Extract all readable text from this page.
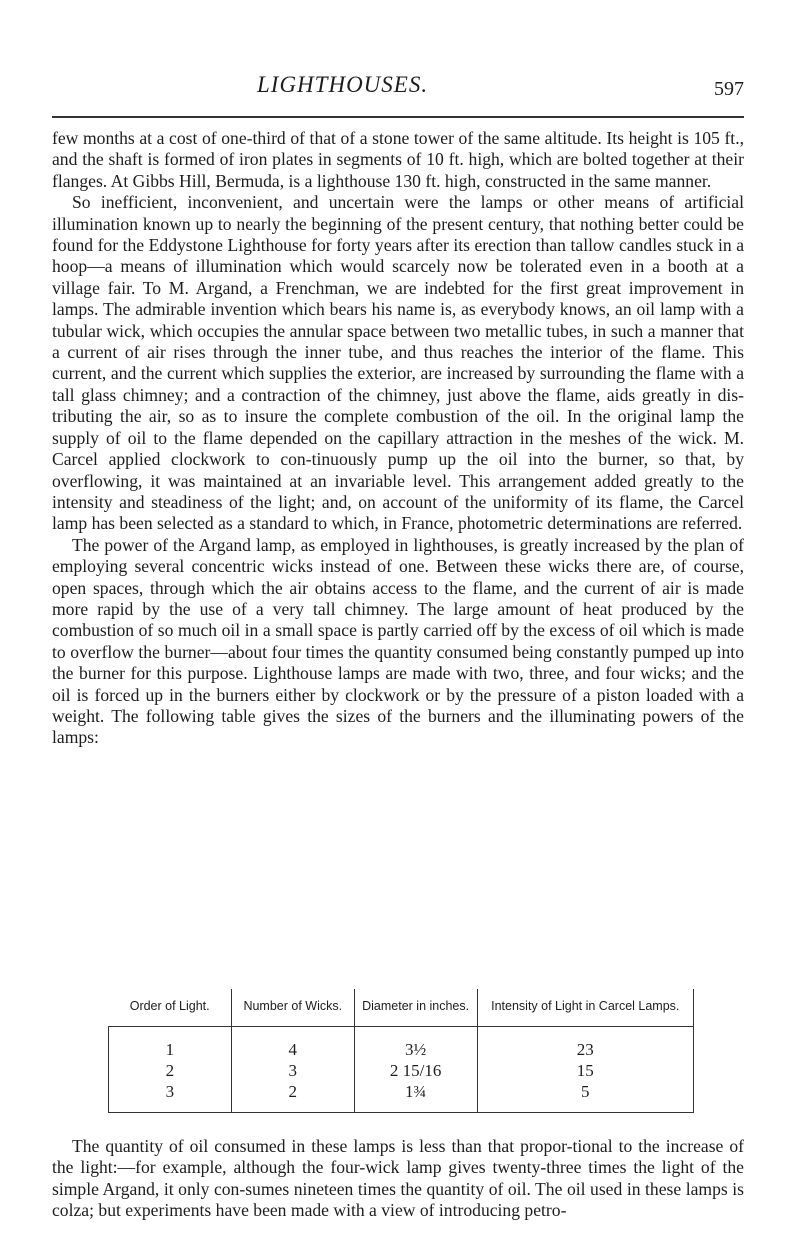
LIGHTHOUSES.	597

few months at a cost of one-third of that of a stone tower of the same altitude. Its height is 105 ft., and the shaft is formed of iron plates in segments of 10 ft. high, which are bolted together at their flanges. At Gibbs Hill, Bermuda, is a lighthouse 130 ft. high, constructed in the same manner.

So inefficient, inconvenient, and uncertain were the lamps or other means of artificial illumination known up to nearly the beginning of the present century, that nothing better could be found for the Eddystone Lighthouse for forty years after its erection than tallow candles stuck in a hoop—a means of illumination which would scarcely now be tolerated even in a booth at a village fair. To M. Argand, a Frenchman, we are indebted for the first great improvement in lamps. The admirable invention which bears his name is, as everybody knows, an oil lamp with a tubular wick, which occupies the annular space between two metallic tubes, in such a manner that a current of air rises through the inner tube, and thus reaches the interior of the flame. This current, and the current which supplies the exterior, are increased by surrounding the flame with a tall glass chimney; and a contraction of the chimney, just above the flame, aids greatly in dis-tributing the air, so as to insure the complete combustion of the oil. In the original lamp the supply of oil to the flame depended on the capillary attraction in the meshes of the wick. M. Carcel applied clockwork to con-tinuously pump up the oil into the burner, so that, by overflowing, it was maintained at an invariable level. This arrangement added greatly to the intensity and steadiness of the light; and, on account of the uniformity of its flame, the Carcel lamp has been selected as a standard to which, in France, photometric determinations are referred.

The power of the Argand lamp, as employed in lighthouses, is greatly increased by the plan of employing several concentric wicks instead of one. Between these wicks there are, of course, open spaces, through which the air obtains access to the flame, and the current of air is made more rapid by the use of a very tall chimney. The large amount of heat produced by the combustion of so much oil in a small space is partly carried off by the excess of oil which is made to overflow the burner—about four times the quantity consumed being constantly pumped up into the burner for this purpose. Lighthouse lamps are made with two, three, and four wicks; and the oil is forced up in the burners either by clockwork or by the pressure of a piston loaded with a weight. The following table gives the sizes of the burners and the illuminating powers of the lamps:

Order of Light.	Number of Wicks.	Diameter in inches.	Intensity of Light in Carcel Lamps.
1	4	3½	23
2	3	2 15/16	15
3	2	1¾	5

The quantity of oil consumed in these lamps is less than that propor-tional to the increase of the light:—for example, although the four-wick lamp gives twenty-three times the light of the simple Argand, it only con-sumes nineteen times the quantity of oil. The oil used in these lamps is colza; but experiments have been made with a view of introducing petro-
